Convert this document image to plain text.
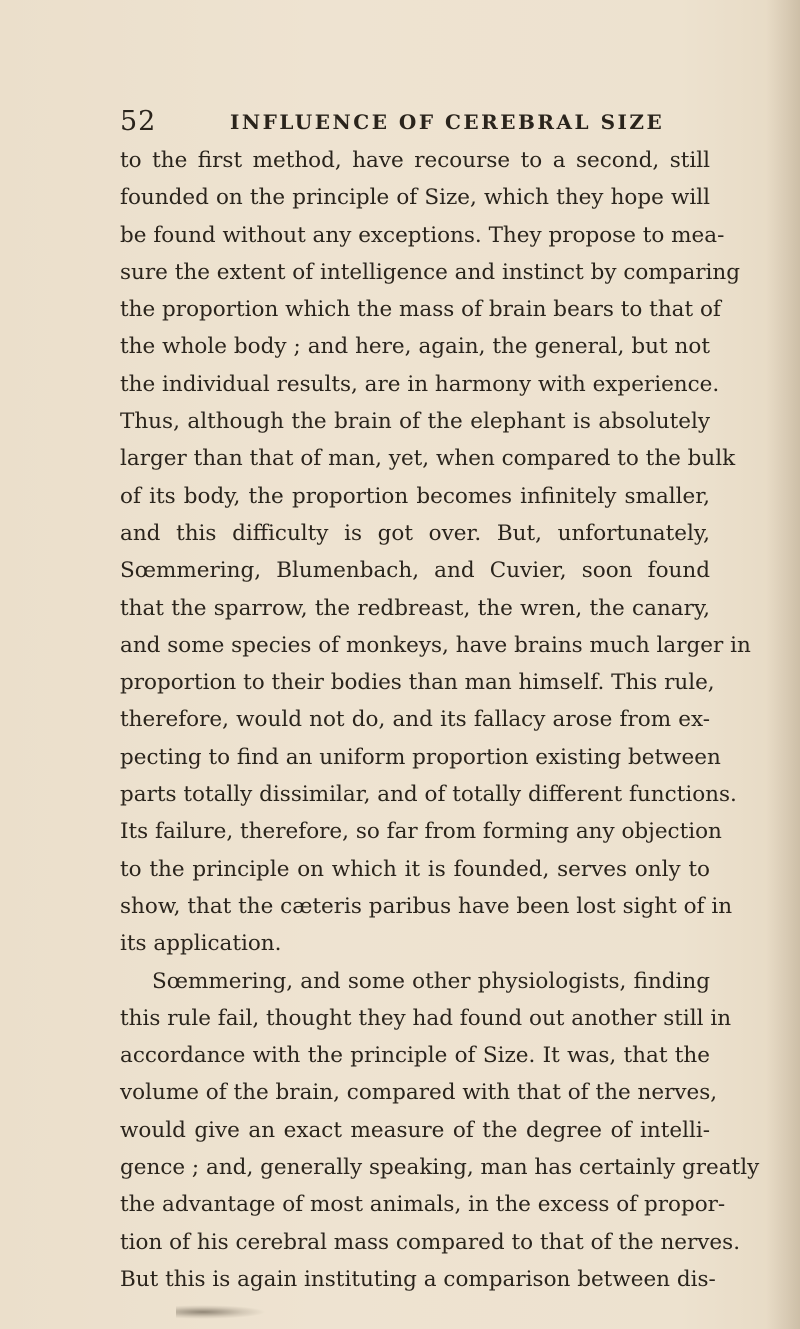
52	INFLUENCE OF CEREBRAL SIZE
to the first method, have recourse to a second, still
founded on the principle of Size, which they hope will
be found without any exceptions. They propose to mea-
sure the extent of intelligence and instinct by comparing
the proportion which the mass of brain bears to that of
the whole body ; and here, again, the general, but not
the individual results, are in harmony with experience.
Thus, although the brain of the elephant is absolutely
larger than that of man, yet, when compared to the bulk
of its body, the proportion becomes infinitely smaller,
and this difficulty is got over. But, unfortunately,
Sœmmering, Blumenbach, and Cuvier, soon found
that the sparrow, the redbreast, the wren, the canary,
and some species of monkeys, have brains much larger in
proportion to their bodies than man himself. This rule,
therefore, would not do, and its fallacy arose from ex-
pecting to find an uniform proportion existing between
parts totally dissimilar, and of totally different functions.
Its failure, therefore, so far from forming any objection
to the principle on which it is founded, serves only to
show, that the cæteris paribus have been lost sight of in
its application.
Sœmmering, and some other physiologists, finding
this rule fail, thought they had found out another still in
accordance with the principle of Size. It was, that the
volume of the brain, compared with that of the nerves,
would give an exact measure of the degree of intelli-
gence ; and, generally speaking, man has certainly greatly
the advantage of most animals, in the excess of propor-
tion of his cerebral mass compared to that of the nerves.
But this is again instituting a comparison between dis-
